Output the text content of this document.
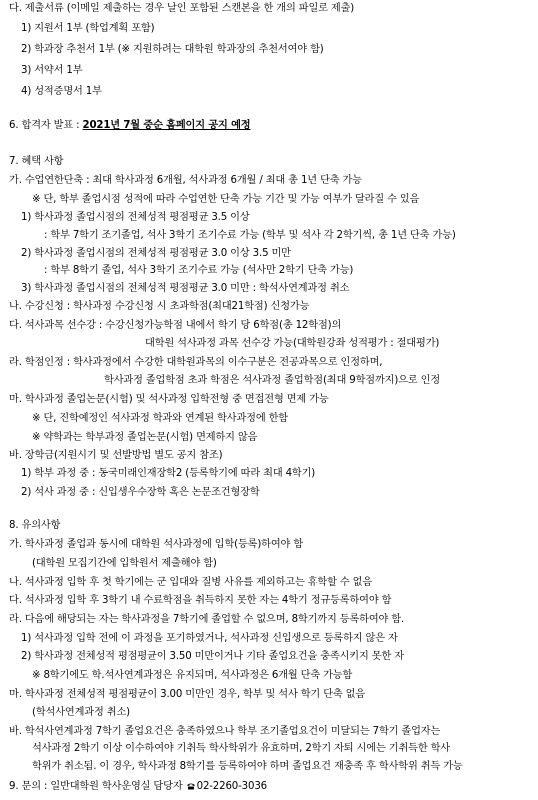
다. 제출서류 (이메일 제출하는 경우 날인 포함된 스캔본을 한 개의 파일로 제출)
1) 지원서 1부 (학업계획 포함)
2) 학과장 추천서 1부 (※ 지원하려는 대학원 학과장의 추천서여야 함)
3) 서약서 1부
4) 성적증명서 1부
6. 합격자 발표 : 2021년 7월 중순 홈페이지 공지 예정
7. 혜택 사항
가. 수업연한단축 : 최대 학사과정 6개월, 석사과정 6개월 / 최대 총 1년 단축 가능
※ 단, 학부 졸업시점 성적에 따라 수업연한 단축 가능 기간 및 가능 여부가 달라질 수 있음
1) 학사과정 졸업시점의 전체성적 평점평균 3.5 이상
: 학부 7학기 조기졸업, 석사 3학기 조기수료 가능 (학부 및 석사 각 2학기씩, 총 1년 단축 가능)
2) 학사과정 졸업시점의 전체성적 평점평균 3.0 이상 3.5 미만
: 학부 8학기 졸업, 석사 3학기 조기수료 가능 (석사만 2학기 단축 가능)
3) 학사과정 졸업시점의 전체성적 평점평균 3.0 미만 : 학석사연계과정 취소
나. 수강신청 : 학사과정 수강신청 시 초과학점(최대21학점) 신청가능
다. 석사과목 선수강 : 수강신청가능학점 내에서 학기 당 6학점(총 12학점)의
대학원 석사과정 과목 선수강 가능(대학원강좌 성적평가 : 절대평가)
라. 학점인정 : 학사과정에서 수강한 대학원과목의 이수구분은 전공과목으로 인정하며,
학사과정 졸업학점 초과 학점은 석사과정 졸업학점(최대 9학점까지)으로 인정
마. 학사과정 졸업논문(시험) 및 석사과정 입학전형 중 면접전형 면제 가능
※ 단, 진학예정인 석사과정 학과와 연계된 학사과정에 한함
※ 약학과는 학부과정 졸업논문(시험) 면제하지 않음
바. 장학금(지원시기 및 선발방법 별도 공지 참조)
1) 학부 과정 중 : 동국미래인재장학2 (등록학기에 따라 최대 4학기)
2) 석사 과정 중 : 신입생우수장학 혹은 논문조건형장학
8. 유의사항
가. 학사과정 졸업과 동시에 대학원 석사과정에 입학(등록)하여야 함
(대학원 모집기간에 입학원서 제출해야 함)
나. 석사과정 입학 후 첫 학기에는 군 입대와 질병 사유를 제외하고는 휴학할 수 없음
다. 석사과정 입학 후 3학기 내 수료학점을 취득하지 못한 자는 4학기 정규등록하여야 함
라. 다음에 해당되는 자는 학사과정을 7학기에 졸업할 수 없으며, 8학기까지 등록하여야 함.
1) 석사과정 입학 전에 이 과정을 포기하였거나, 석사과정 신입생으로 등록하지 않은 자
2) 학사과정 전체성적 평점평균이 3.50 미만이거나 기타 졸업요건을 충족시키지 못한 자
※ 8학기에도 학.석사연계과정은 유지되며, 석사과정은 6개월 단축 가능함
마. 학사과정 전체성적 평점평균이 3.00 미만인 경우, 학부 및 석사 학기 단축 없음
(학석사연계과정 취소)
바. 학석사연계과정 7학기 졸업요건은 충족하였으나 학부 조기졸업요건이 미달되는 7학기 졸업자는
석사과정 2학기 이상 이수하여야 기취득 학사학위가 유효하며, 2학기 자퇴 시에는 기취득한 학사
학위가 취소됨. 이 경우, 학사과정 8학기를 등록하여야 하며 졸업요건 재충족 후 학사학위 취득 가능
9. 문의 : 일반대학원 학사운영실 담당자 02-2260-3036
